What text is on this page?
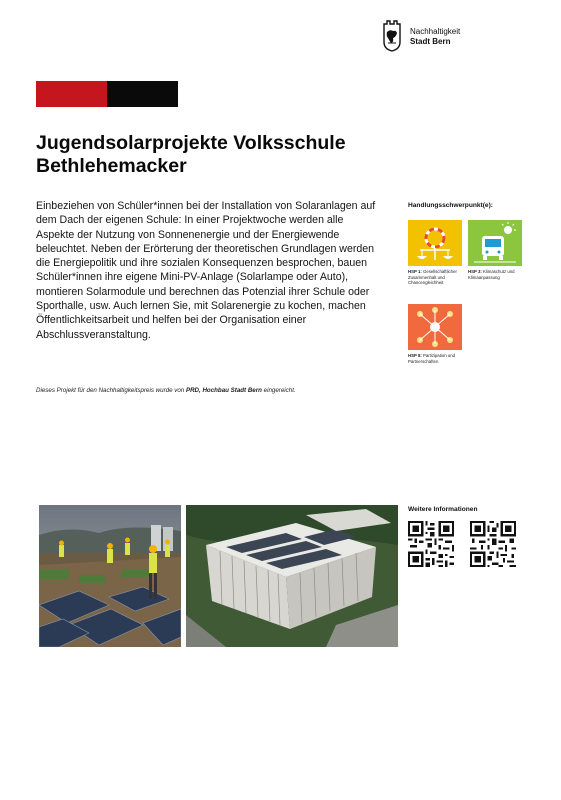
Nachhaltigkeit
Stadt Bern
Jugendsolarprojekte Volksschule Bethlehemacker
Einbeziehen von Schüler*innen bei der Installation von Solaranlagen auf dem Dach der eigenen Schule: In einer Projektwoche werden alle Aspekte der Nutzung von Sonnenenergie und der Energiewende beleuchtet. Neben der Erörterung der theoretischen Grundlagen werden die Energiepolitik und ihre sozialen Konsequenzen besprochen, bauen Schüler*innen ihre eigene Mini-PV-Anlage (Solarlampe oder Auto), montieren Solarmodule und berechnen das Potenzial ihrer Schule oder Sporthalle, usw. Auch lernen Sie, mit Solarenergie zu kochen, machen Öffentlichkeitsarbeit und helfen bei der Organisation einer Abschlussveranstaltung.
Dieses Projekt für den Nachhaltigkeitspreis wurde von PRD, Hochbau Stadt Bern eingereicht.
Handlungsschwerpunkt(e):
HSP 1: Gesellschaftlicher Zusammenhalt und Chancengleichheit
HSP 3: Klimaschutz und Klimaanpassung
HSP 8: Partizipation und Partnerschaften
Weitere Informationen
